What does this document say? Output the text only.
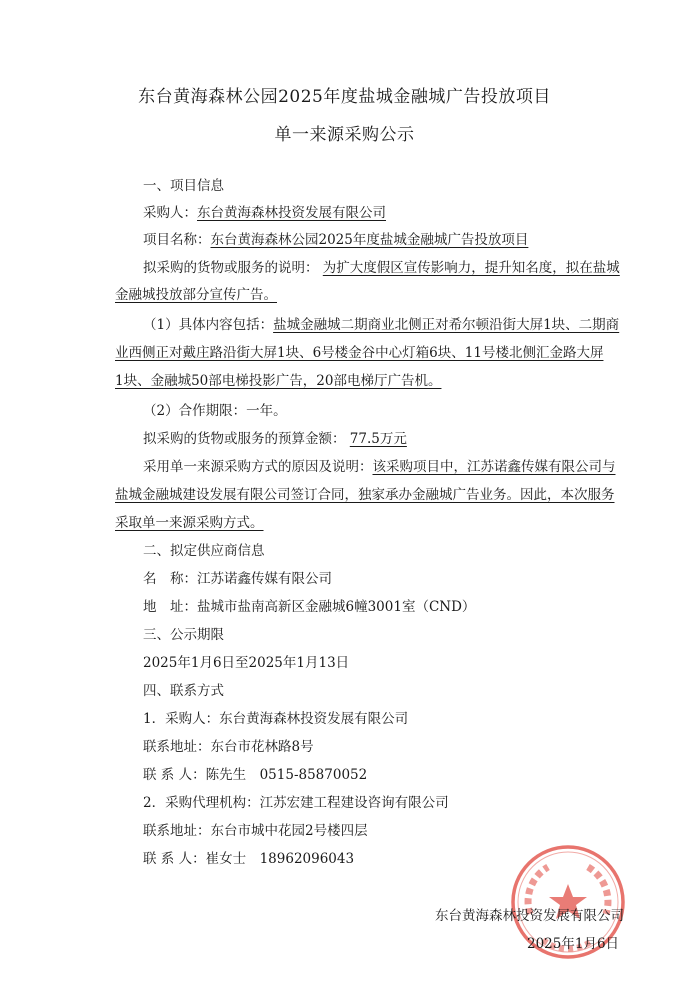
东台黄海森林公园2025年度盐城金融城广告投放项目
单一来源采购公示
一、项目信息
采购人：东台黄海森林投资发展有限公司
项目名称：东台黄海森林公园2025年度盐城金融城广告投放项目
拟采购的货物或服务的说明： 为扩大度假区宣传影响力，提升知名度，拟在盐城
金融城投放部分宣传广告。
（1）具体内容包括：盐城金融城二期商业北侧正对希尔顿沿街大屏1块、二期商
业西侧正对戴庄路沿街大屏1块、6号楼金谷中心灯箱6块、11号楼北侧汇金路大屏
1块、金融城50部电梯投影广告，20部电梯厅广告机。
（2）合作期限：一年。
拟采购的货物或服务的预算金额： 77.5万元
采用单一来源采购方式的原因及说明：该采购项目中，江苏诺鑫传媒有限公司与
盐城金融城建设发展有限公司签订合同，独家承办金融城广告业务。因此，本次服务
采取单一来源采购方式。
二、拟定供应商信息
名　称：江苏诺鑫传媒有限公司
地　址：盐城市盐南高新区金融城6幢3001室（CND）
三、公示期限
2025年1月6日至2025年1月13日
四、联系方式
1．采购人：东台黄海森林投资发展有限公司
联系地址：东台市花林路8号
联 系 人：陈先生　0515-85870052
2．采购代理机构：江苏宏建工程建设咨询有限公司
联系地址：东台市城中花园2号楼四层
联 系 人：崔女士　18962096043
东台黄海森林投资发展有限公司
2025年1月6日
